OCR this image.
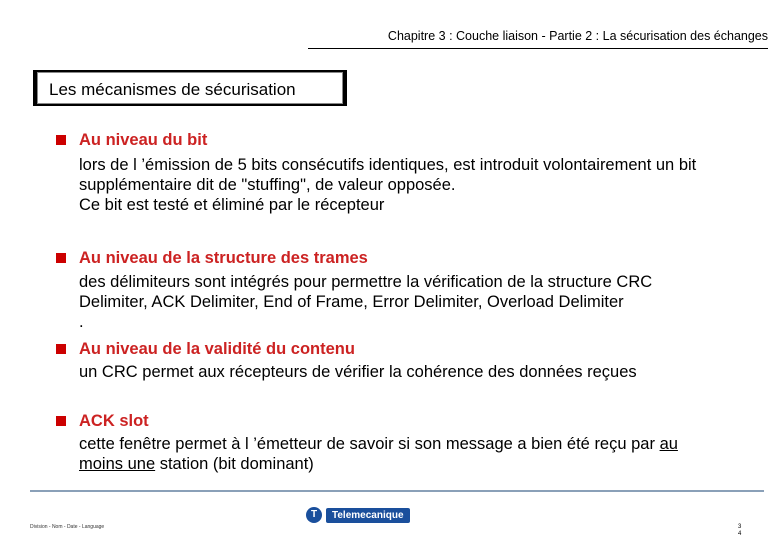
Chapitre 3 : Couche liaison - Partie 2 : La sécurisation des échanges
Les mécanismes de sécurisation
Au niveau du bit
lors de l ’émission de 5 bits consécutifs identiques, est introduit volontairement un bit
supplémentaire dit de "stuffing", de valeur opposée.
Ce bit est testé et éliminé par le récepteur
Au niveau de la structure des trames
des délimiteurs sont intégrés pour permettre la vérification de la structure CRC
Delimiter, ACK Delimiter, End of Frame, Error Delimiter, Overload Delimiter
.
Au niveau de la validité du contenu
un CRC permet aux récepteurs de vérifier la cohérence des données reçues
ACK slot
cette fenêtre permet à l ’émetteur de savoir si son message a bien été reçu par au
moins une station (bit dominant)
Division - Nom - Date - Language
T	Telemecanique
3
4
